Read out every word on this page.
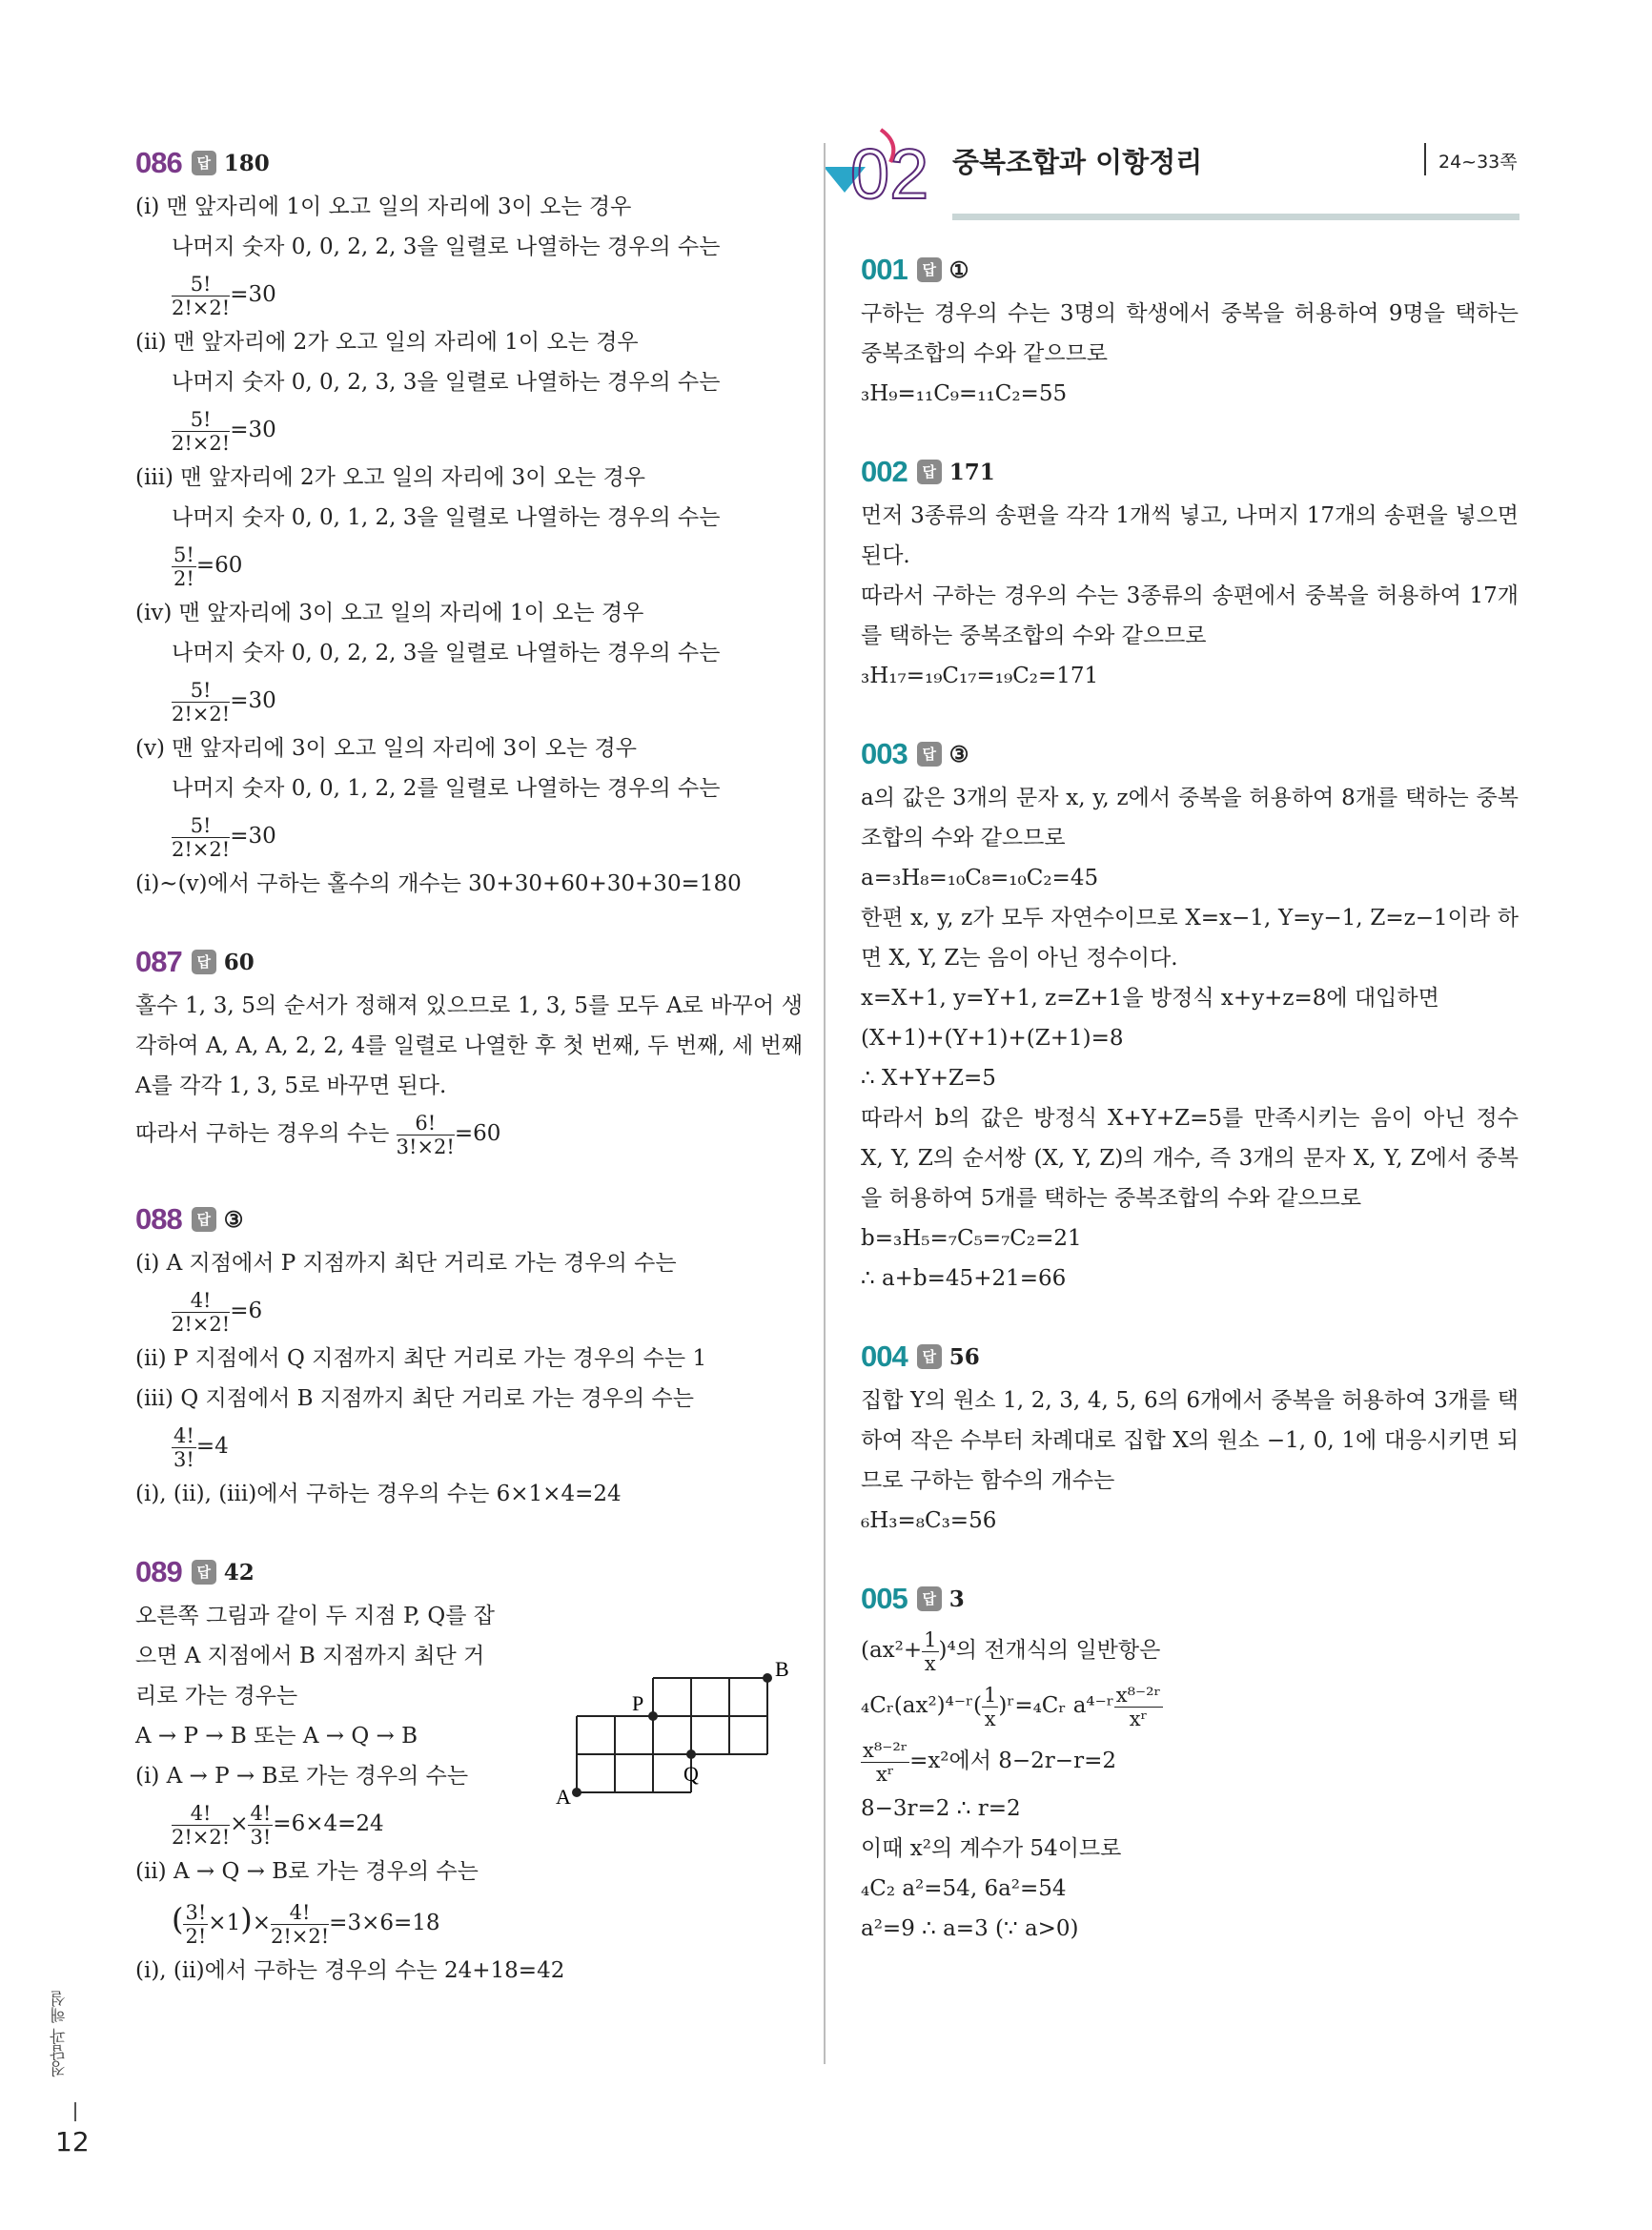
02 중복조합과 이항정리	24~33쪽
086	답 180
(ⅰ) 맨 앞자리에 1이 오고 일의 자리에 3이 오는 경우
나머지 숫자 0, 0, 2, 2, 3을 일렬로 나열하는 경우의 수는
$\frac{5!}{2!\times 2!} =30$
(ⅱ) 맨 앞자리에 2가 오고 일의 자리에 1이 오는 경우
나머지 숫자 0, 0, 2, 3, 3을 일렬로 나열하는 경우의 수는
$\frac{5!}{2!\times 2!} =30$
(ⅲ) 맨 앞자리에 2가 오고 일의 자리에 3이 오는 경우
나머지 숫자 0, 0, 1, 2, 3을 일렬로 나열하는 경우의 수는
$\frac{5!}{2!} =60$
(ⅳ) 맨 앞자리에 3이 오고 일의 자리에 1이 오는 경우
나머지 숫자 0, 0, 2, 2, 3을 일렬로 나열하는 경우의 수는
$\frac{5!}{2!\times 2!} =30$
(ⅴ) 맨 앞자리에 3이 오고 일의 자리에 3이 오는 경우
나머지 숫자 0, 0, 1, 2, 2를 일렬로 나열하는 경우의 수는
$\frac{5!}{2!\times 2!} =30$
(ⅰ)~(ⅴ)에서 구하는 홀수의 개수는 30+30+60+30+30=180
087	답 60
홀수 1, 3, 5의 순서가 정해져 있으므로 1, 3, 5를 모두 A로 바꾸어 생각하여 A, A, A, 2, 2, 4를 일렬로 나열한 후 첫 번째, 두 번째, 세 번째 A를 각각 1, 3, 5로 바꾸면 된다.
따라서 구하는 경우의 수는 $\frac{6!}{3!\times 2!} =60$
088	답 ③
(ⅰ) A 지점에서 P 지점까지 최단 거리로 가는 경우의 수는
$\frac{4!}{2!\times 2!} =6$
(ⅱ) P 지점에서 Q 지점까지 최단 거리로 가는 경우의 수는 1
(ⅲ) Q 지점에서 B 지점까지 최단 거리로 가는 경우의 수는
$\frac{4!}{3!} =4$
(ⅰ), (ⅱ), (ⅲ)에서 구하는 경우의 수는 6×1×4=24
089	답 42
오른쪽 그림과 같이 두 지점 P, Q를 잡
으면 A 지점에서 B 지점까지 최단 거
리로 가는 경우는
A → P → B 또는 A → Q → B
(ⅰ) A → P → B로 가는 경우의 수는
$\frac{4!}{2!\times 2!} \times \frac{4!}{3!} =6\times 4=24$
(ⅱ) A → Q → B로 가는 경우의 수는
( $\frac{3!}{2!} \times 1)\times \frac{4!}{2!\times 2!} =3\times 6=18$
(ⅰ), (ⅱ)에서 구하는 경우의 수는 24+18=42
A
B
P
Q
001	답 ①
구하는 경우의 수는 3명의 학생에서 중복을 허용하여 9명을 택하는 중복조합의 수와 같으므로
₃H₉=₁₁C₉=₁₁C₂=55
002	답 171
먼저 3종류의 송편을 각각 1개씩 넣고, 나머지 17개의 송편을 넣으면 된다.
따라서 구하는 경우의 수는 3종류의 송편에서 중복을 허용하여 17개를 택하는 중복조합의 수와 같으므로
₃H₁₇=₁₉C₁₇=₁₉C₂=171
003	답 ③
a의 값은 3개의 문자 x, y, z에서 중복을 허용하여 8개를 택하는 중복조합의 수와 같으므로
a=₃H₈=₁₀C₈=₁₀C₂=45
한편 x, y, z가 모두 자연수이므로 X=x−1, Y=y−1, Z=z−1이라 하면 X, Y, Z는 음이 아닌 정수이다.
x=X+1, y=Y+1, z=Z+1을 방정식 x+y+z=8에 대입하면
(X+1)+(Y+1)+(Z+1)=8
∴ X+Y+Z=5
따라서 b의 값은 방정식 X+Y+Z=5를 만족시키는 음이 아닌 정수 X, Y, Z의 순서쌍 (X, Y, Z)의 개수, 즉 3개의 문자 X, Y, Z에서 중복을 허용하여 5개를 택하는 중복조합의 수와 같으므로
b=₃H₅=₇C₅=₇C₂=21
∴ a+b=45+21=66
004	답 56
집합 Y의 원소 1, 2, 3, 4, 5, 6의 6개에서 중복을 허용하여 3개를 택하여 작은 수부터 차례대로 집합 X의 원소 −1, 0, 1에 대응시키면 되므로 구하는 함수의 개수는
₆H₃=₈C₃=56
005	답 3
$(ax^2+ \frac{1}{x} )^4$의 전개식의 일반항은
₄Cᵣ(ax²)⁴⁻ʳ( $\frac{1}{x}$ )ʳ=₄Cᵣ a⁴⁻ʳ $\frac{\text{x⁸⁻²ʳ}}{\text{xʳ}}$
$\frac{\text{x⁸⁻²ʳ}}{\text{xʳ}} =x^2$에서 8−2r−r=2
8−3r=2 ∴ r=2
이때 x²의 계수가 54이므로
₄C₂ a²=54, 6a²=54
a²=9 ∴ a=3 (∵ a>0)
정답과 해설
12
